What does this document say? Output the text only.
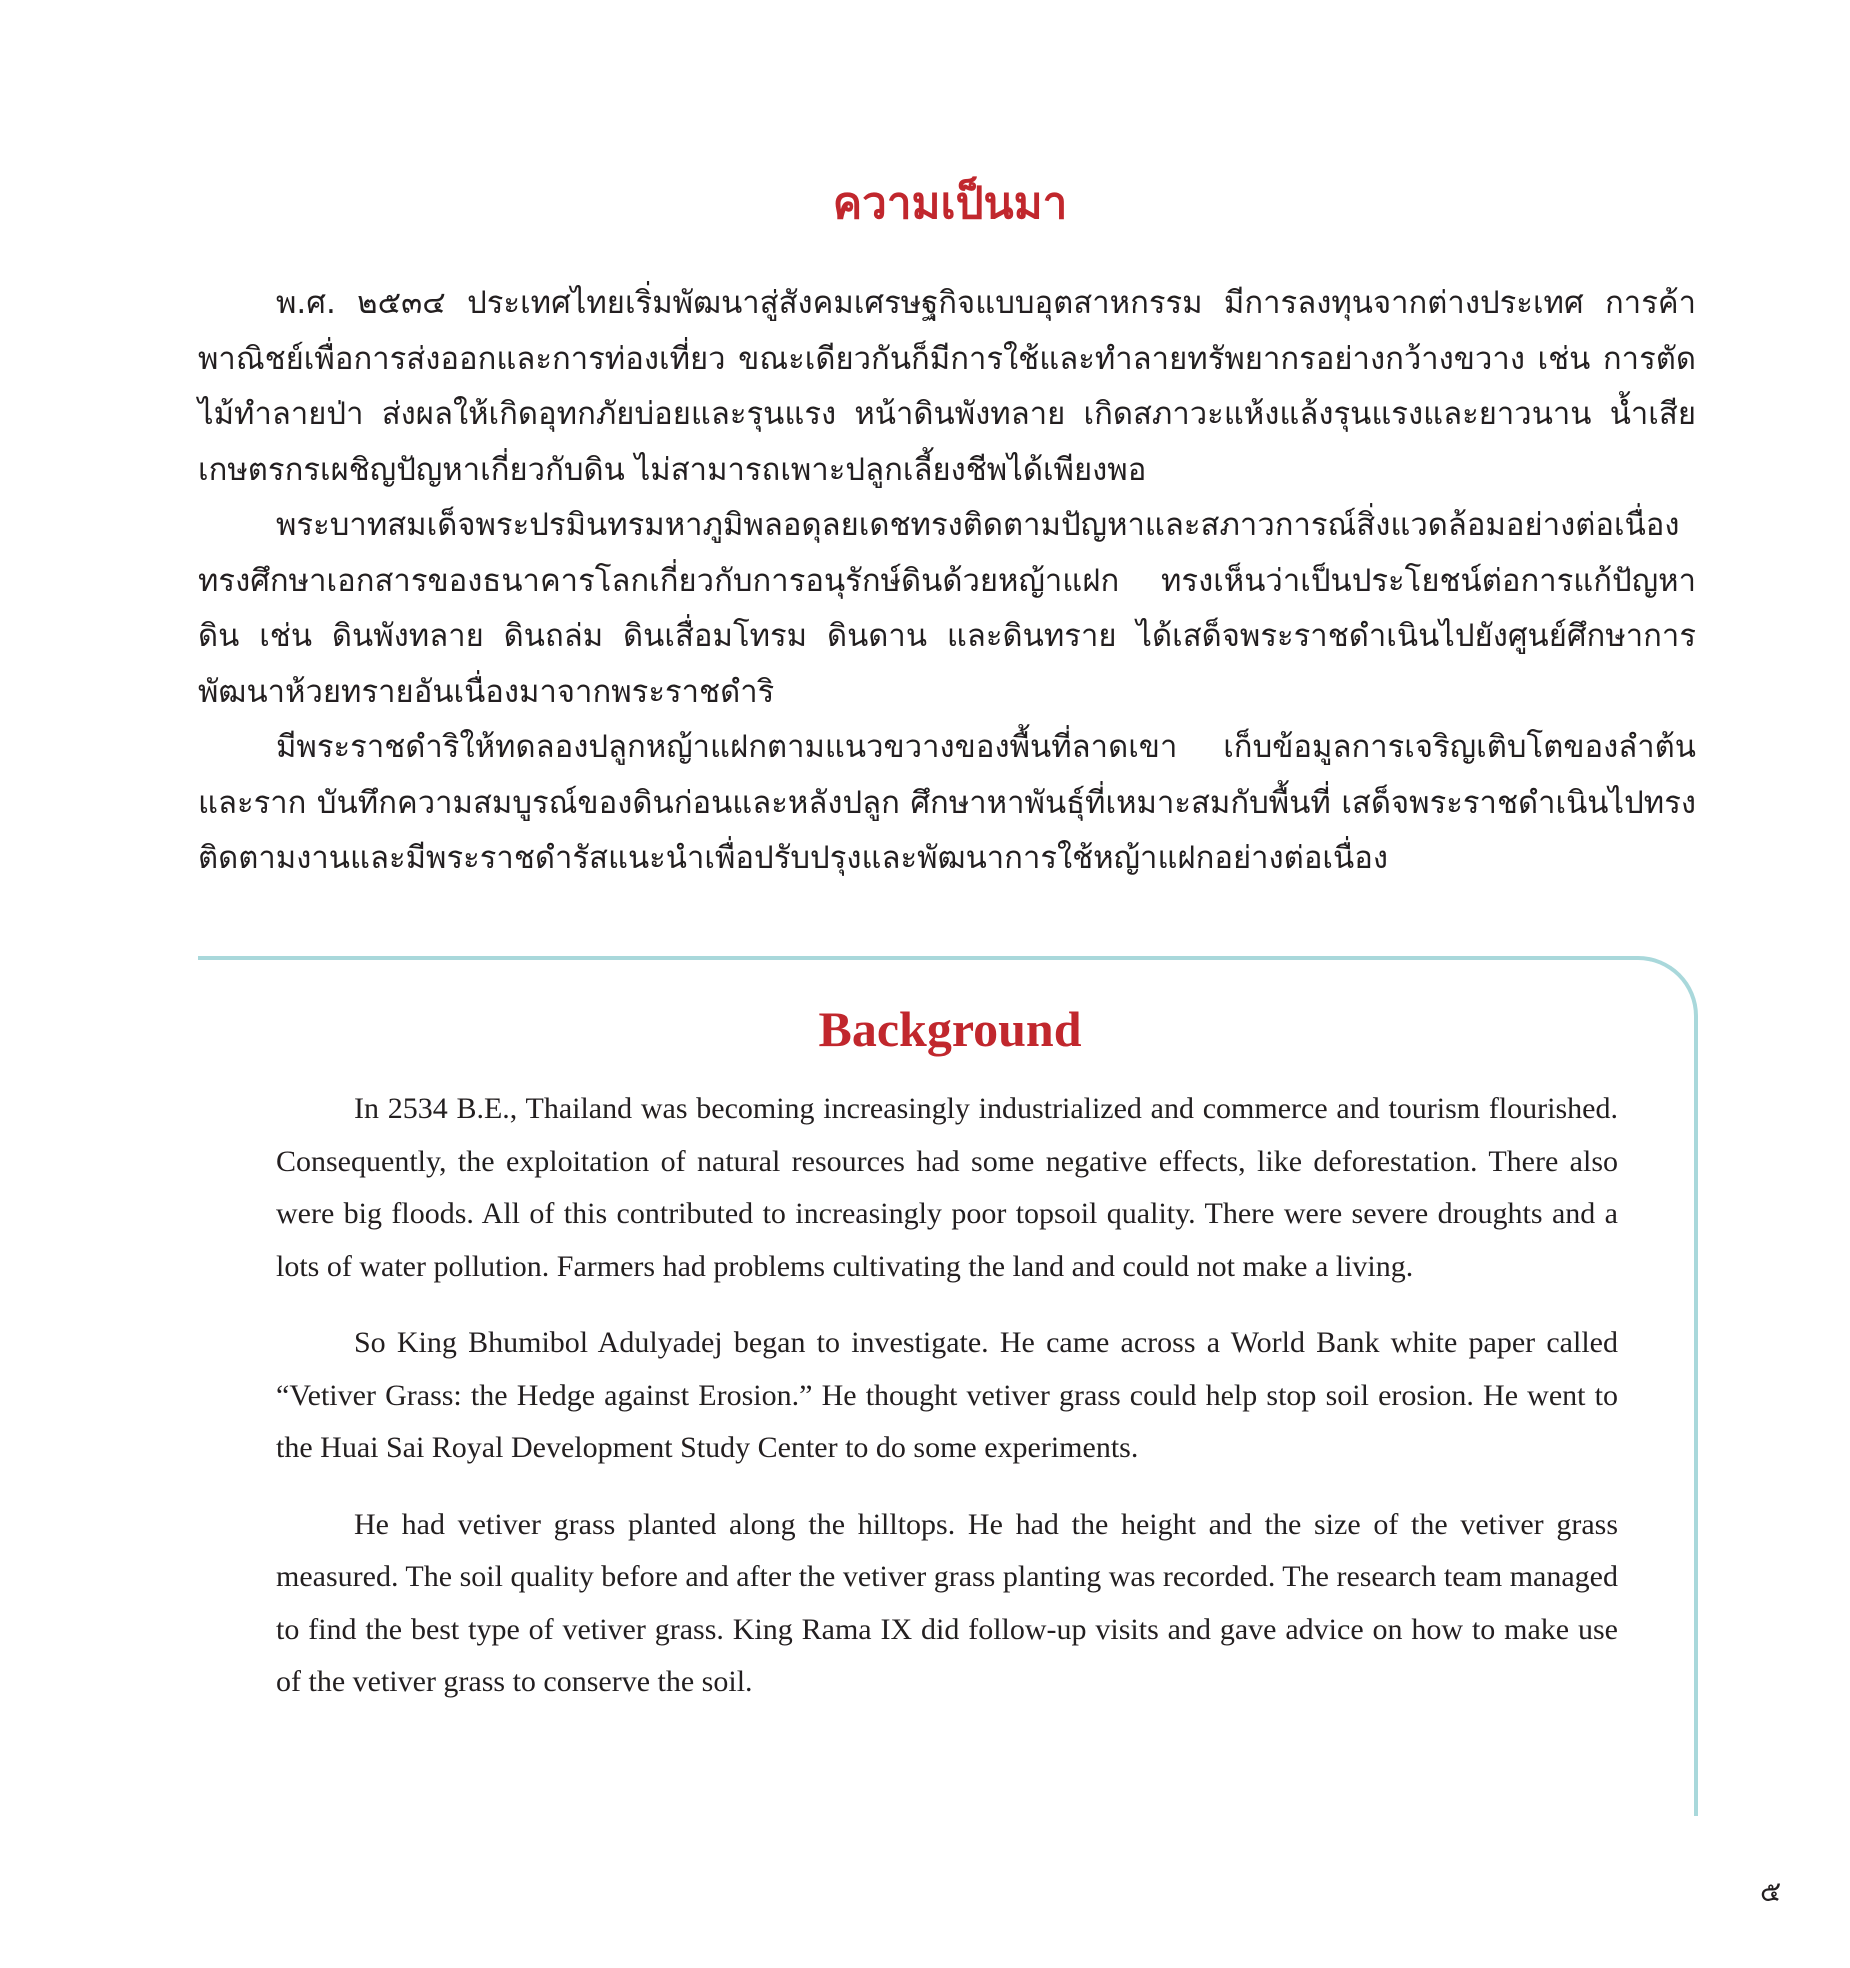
ความเป็นมา

พ.ศ. ๒๕๓๔ ประเทศไทยเริ่มพัฒนาสู่สังคมเศรษฐกิจแบบอุตสาหกรรม มีการลงทุนจากต่างประเทศ การค้าพาณิชย์เพื่อการส่งออกและการท่องเที่ยว ขณะเดียวกันก็มีการใช้และทำลายทรัพยากรอย่างกว้างขวาง เช่น การตัดไม้ทำลายป่า ส่งผลให้เกิดอุทกภัยบ่อยและรุนแรง หน้าดินพังทลาย เกิดสภาวะแห้งแล้งรุนแรงและยาวนาน น้ำเสีย เกษตรกรเผชิญปัญหาเกี่ยวกับดิน ไม่สามารถเพาะปลูกเลี้ยงชีพได้เพียงพอ

พระบาทสมเด็จพระปรมินทรมหาภูมิพลอดุลยเดชทรงติดตามปัญหาและสภาวการณ์สิ่งแวดล้อมอย่างต่อเนื่อง ทรงศึกษาเอกสารของธนาคารโลกเกี่ยวกับการอนุรักษ์ดินด้วยหญ้าแฝก ทรงเห็นว่าเป็นประโยชน์ต่อการแก้ปัญหาดิน เช่น ดินพังทลาย ดินถล่ม ดินเสื่อมโทรม ดินดาน และดินทราย ได้เสด็จพระราชดำเนินไปยังศูนย์ศึกษาการพัฒนาห้วยทรายอันเนื่องมาจากพระราชดำริ

มีพระราชดำริให้ทดลองปลูกหญ้าแฝกตามแนวขวางของพื้นที่ลาดเขา เก็บข้อมูลการเจริญเติบโตของลำต้นและราก บันทึกความสมบูรณ์ของดินก่อนและหลังปลูก ศึกษาหาพันธุ์ที่เหมาะสมกับพื้นที่ เสด็จพระราชดำเนินไปทรงติดตามงานและมีพระราชดำรัสแนะนำเพื่อปรับปรุงและพัฒนาการใช้หญ้าแฝกอย่างต่อเนื่อง

Background

In 2534 B.E., Thailand was becoming increasingly industrialized and commerce and tourism flourished. Consequently, the exploitation of natural resources had some negative effects, like deforestation. There also were big floods. All of this contributed to increasingly poor topsoil quality. There were severe droughts and a lots of water pollution. Farmers had problems cultivating the land and could not make a living.

So King Bhumibol Adulyadej began to investigate. He came across a World Bank white paper called “Vetiver Grass: the Hedge against Erosion.” He thought vetiver grass could help stop soil erosion. He went to the Huai Sai Royal Development Study Center to do some experiments.

He had vetiver grass planted along the hilltops. He had the height and the size of the vetiver grass measured. The soil quality before and after the vetiver grass planting was recorded. The research team managed to find the best type of vetiver grass. King Rama IX did follow-up visits and gave advice on how to make use of the vetiver grass to conserve the soil.

๕
